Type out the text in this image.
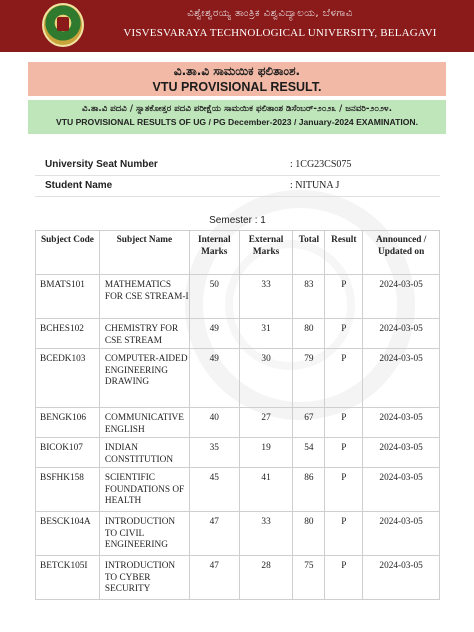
ವಿಶ್ವೇಶ್ವರಯ್ಯ ತಾಂತ್ರಿಕ ವಿಶ್ವವಿದ್ಯಾಲಯ, ಬೆಳಗಾವಿ
VISVESVARAYA TECHNOLOGICAL UNIVERSITY, BELAGAVI
ವಿ.ತಾ.ವಿ ಸಾಮಯಿಕ ಫಲಿತಾಂಶ.
VTU PROVISIONAL RESULT.
ವಿ.ತಾ.ವಿ ಪದವಿ / ಸ್ನಾತಕೋತ್ತರ ಪದವಿ ಪರೀಕ್ಷೆಯ ಸಾಮಯಿಕ ಫಲಿತಾಂಶ ಡಿಸೆಂಬರ್-೨೦೨೩ / ಜನವರಿ-೨೦೨೪.
VTU PROVISIONAL RESULTS OF UG / PG December-2023 / January-2024 EXAMINATION.
University Seat Number	: 1CG23CS075
Student Name	: NITUNA J
Semester : 1
Subject Code	Subject Name	Internal Marks	External Marks	Total	Result	Announced / Updated on
BMATS101	MATHEMATICS FOR CSE STREAM-I	50	33	83	P	2024-03-05
BCHES102	CHEMISTRY FOR CSE STREAM	49	31	80	P	2024-03-05
BCEDK103	COMPUTER-AIDED ENGINEERING DRAWING	49	30	79	P	2024-03-05
BENGK106	COMMUNICATIVE ENGLISH	40	27	67	P	2024-03-05
BICOK107	INDIAN CONSTITUTION	35	19	54	P	2024-03-05
BSFHK158	SCIENTIFIC FOUNDATIONS OF HEALTH	45	41	86	P	2024-03-05
BESCK104A	INTRODUCTION TO CIVIL ENGINEERING	47	33	80	P	2024-03-05
BETCK105I	INTRODUCTION TO CYBER SECURITY	47	28	75	P	2024-03-05
